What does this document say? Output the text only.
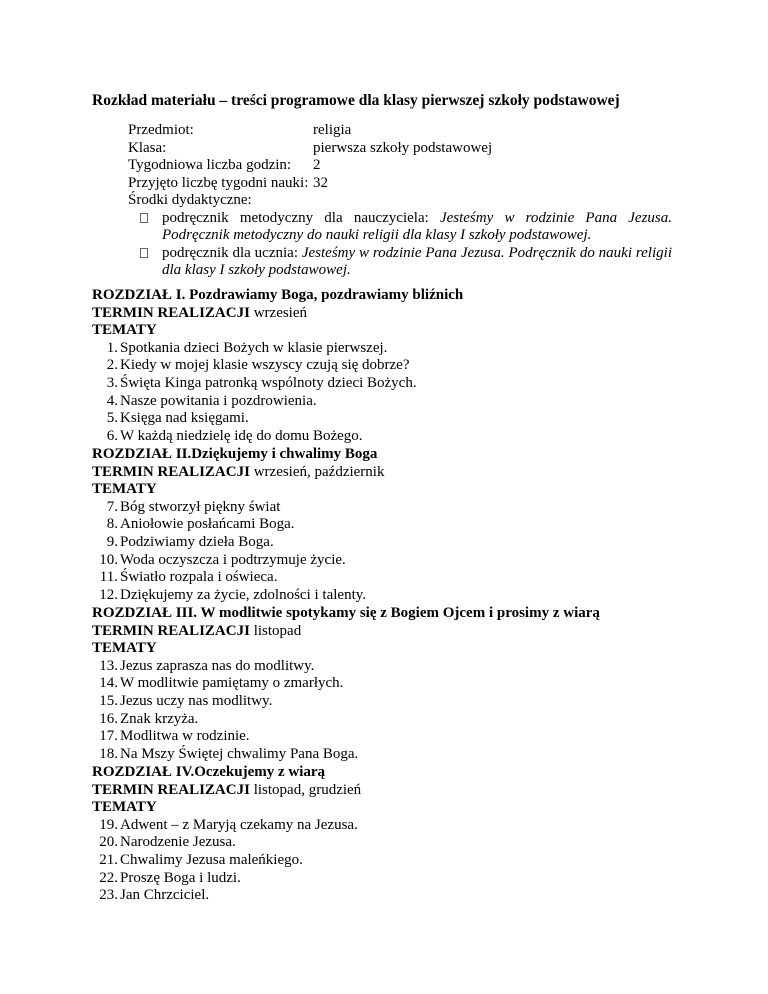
Rozkład materiału – treści programowe dla klasy pierwszej szkoły podstawowej
Przedmiot:	religia
Klasa:	pierwsza szkoły podstawowej
Tygodniowa liczba godzin: 2
Przyjęto liczbę tygodni nauki: 32
Środki dydaktyczne:
podręcznik metodyczny dla nauczyciela: Jesteśmy w rodzinie Pana Jezusa. Podręcznik metodyczny do nauki religii dla klasy I szkoły podstawowej.
podręcznik dla ucznia: Jesteśmy w rodzinie Pana Jezusa. Podręcznik do nauki religii dla klasy I szkoły podstawowej.
ROZDZIAŁ I. Pozdrawiamy Boga, pozdrawiamy bliźnich
TERMIN REALIZACJI wrzesień
TEMATY
1. Spotkania dzieci Bożych w klasie pierwszej.
2. Kiedy w mojej klasie wszyscy czują się dobrze?
3. Święta Kinga patronką wspólnoty dzieci Bożych.
4. Nasze powitania i pozdrowienia.
5. Księga nad księgami.
6. W każdą niedzielę idę do domu Bożego.
ROZDZIAŁ II.Dziękujemy i chwalimy Boga
TERMIN REALIZACJI wrzesień, październik
TEMATY
7. Bóg stworzył piękny świat
8. Aniołowie posłańcami Boga.
9. Podziwiamy dzieła Boga.
10. Woda oczyszcza i podtrzymuje życie.
11. Światło rozpala i oświeca.
12. Dziękujemy za życie, zdolności i talenty.
ROZDZIAŁ III. W modlitwie spotykamy się z Bogiem Ojcem i prosimy z wiarą
TERMIN REALIZACJI listopad
TEMATY
13. Jezus zaprasza nas do modlitwy.
14. W modlitwie pamiętamy o zmarłych.
15. Jezus uczy nas modlitwy.
16. Znak krzyża.
17. Modlitwa w rodzinie.
18. Na Mszy Świętej chwalimy Pana Boga.
ROZDZIAŁ IV.Oczekujemy z wiarą
TERMIN REALIZACJI listopad, grudzień
TEMATY
19. Adwent – z Maryją czekamy na Jezusa.
20. Narodzenie Jezusa.
21. Chwalimy Jezusa maleńkiego.
22. Proszę Boga i ludzi.
23. Jan Chrzciciel.
